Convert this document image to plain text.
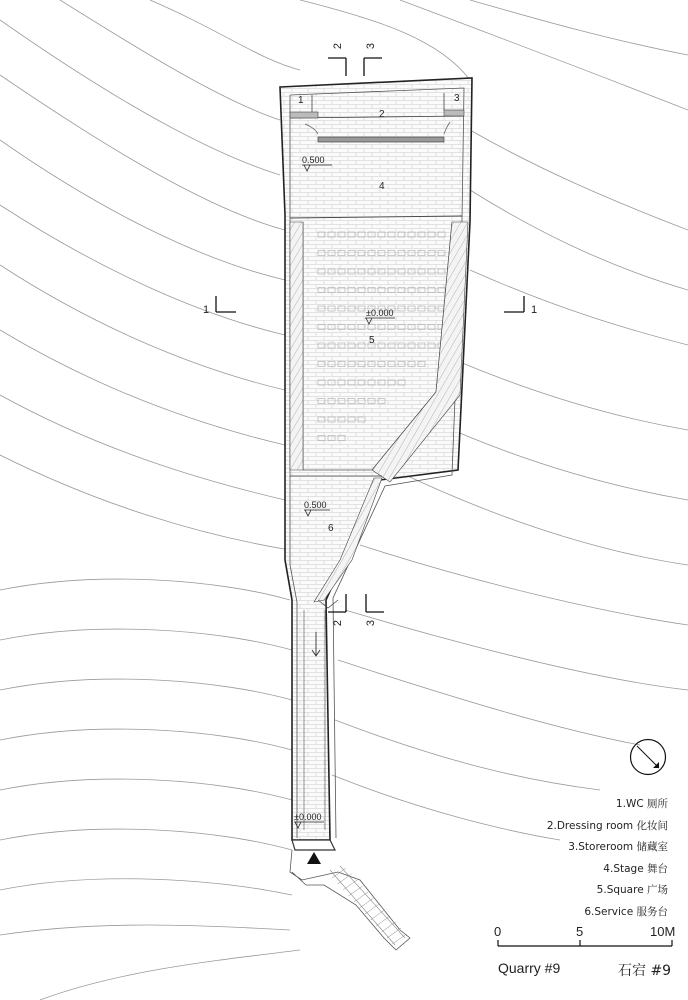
1
2
3
4
5
6
0.500
±0.000
0.500
±0.000
1	1
2 3
2 3
1.WC 厕所
2.Dressing room 化妆间
3.Storeroom 储藏室
4.Stage 舞台
5.Square 广场
6.Service 服务台
0	5	10M
Quarry #9	石宕 #9
